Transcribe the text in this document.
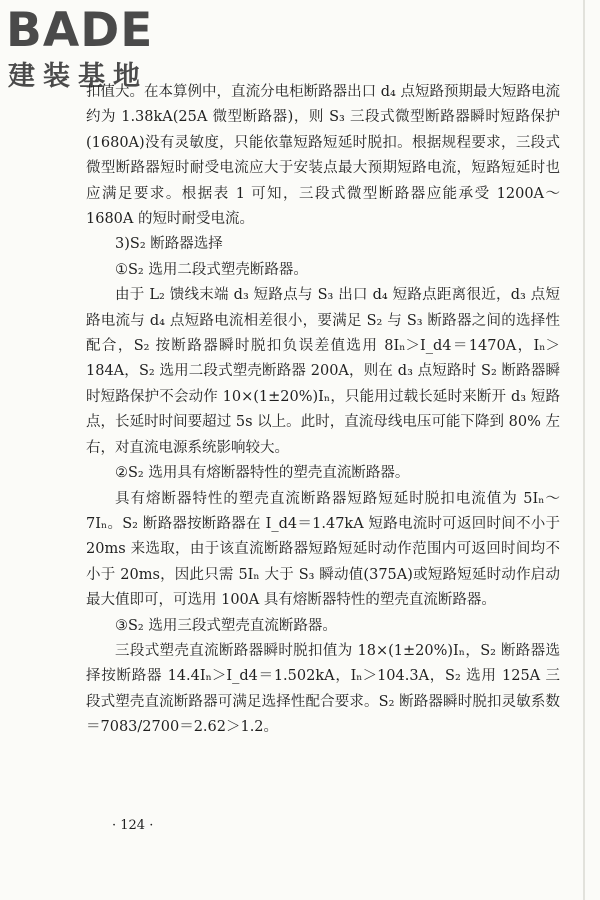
BADE
建装基地

扣值大。在本算例中，直流分电柜断路器出口 d₄ 点短路预期最大短路电流约为 1.38kA(25A 微型断路器)，则 S₃ 三段式微型断路器瞬时短路保护(1680A)没有灵敏度，只能依靠短路短延时脱扣。根据规程要求，三段式微型断路器短时耐受电流应大于安装点最大预期短路电流，短路短延时也应满足要求。根据表 1 可知，三段式微型断路器应能承受 1200A～1680A 的短时耐受电流。

3)S₂ 断路器选择

①S₂ 选用二段式塑壳断路器。

由于 L₂ 馈线末端 d₃ 短路点与 S₃ 出口 d₄ 短路点距离很近，d₃ 点短路电流与 d₄ 点短路电流相差很小，要满足 S₂ 与 S₃ 断路器之间的选择性配合，S₂ 按断路器瞬时脱扣负误差值选用 8Iₙ＞I_d4＝1470A，Iₙ＞184A，S₂ 选用二段式塑壳断路器 200A，则在 d₃ 点短路时 S₂ 断路器瞬时短路保护不会动作 10×(1±20%)Iₙ，只能用过载长延时来断开 d₃ 短路点，长延时时间要超过 5s 以上。此时，直流母线电压可能下降到 80% 左右，对直流电源系统影响较大。

②S₂ 选用具有熔断器特性的塑壳直流断路器。

具有熔断器特性的塑壳直流断路器短路短延时脱扣电流值为 5Iₙ～7Iₙ。S₂ 断路器按断路器在 I_d4＝1.47kA 短路电流时可返回时间不小于 20ms 来选取，由于该直流断路器短路短延时动作范围内可返回时间均不小于 20ms，因此只需 5Iₙ 大于 S₃ 瞬动值(375A)或短路短延时动作启动最大值即可，可选用 100A 具有熔断器特性的塑壳直流断路器。

③S₂ 选用三段式塑壳直流断路器。

三段式塑壳直流断路器瞬时脱扣值为 18×(1±20%)Iₙ，S₂ 断路器选择按断路器 14.4Iₙ＞I_d4＝1.502kA，Iₙ＞104.3A，S₂ 选用 125A 三段式塑壳直流断路器可满足选择性配合要求。S₂ 断路器瞬时脱扣灵敏系数＝7083/2700＝2.62＞1.2。

· 124 ·
